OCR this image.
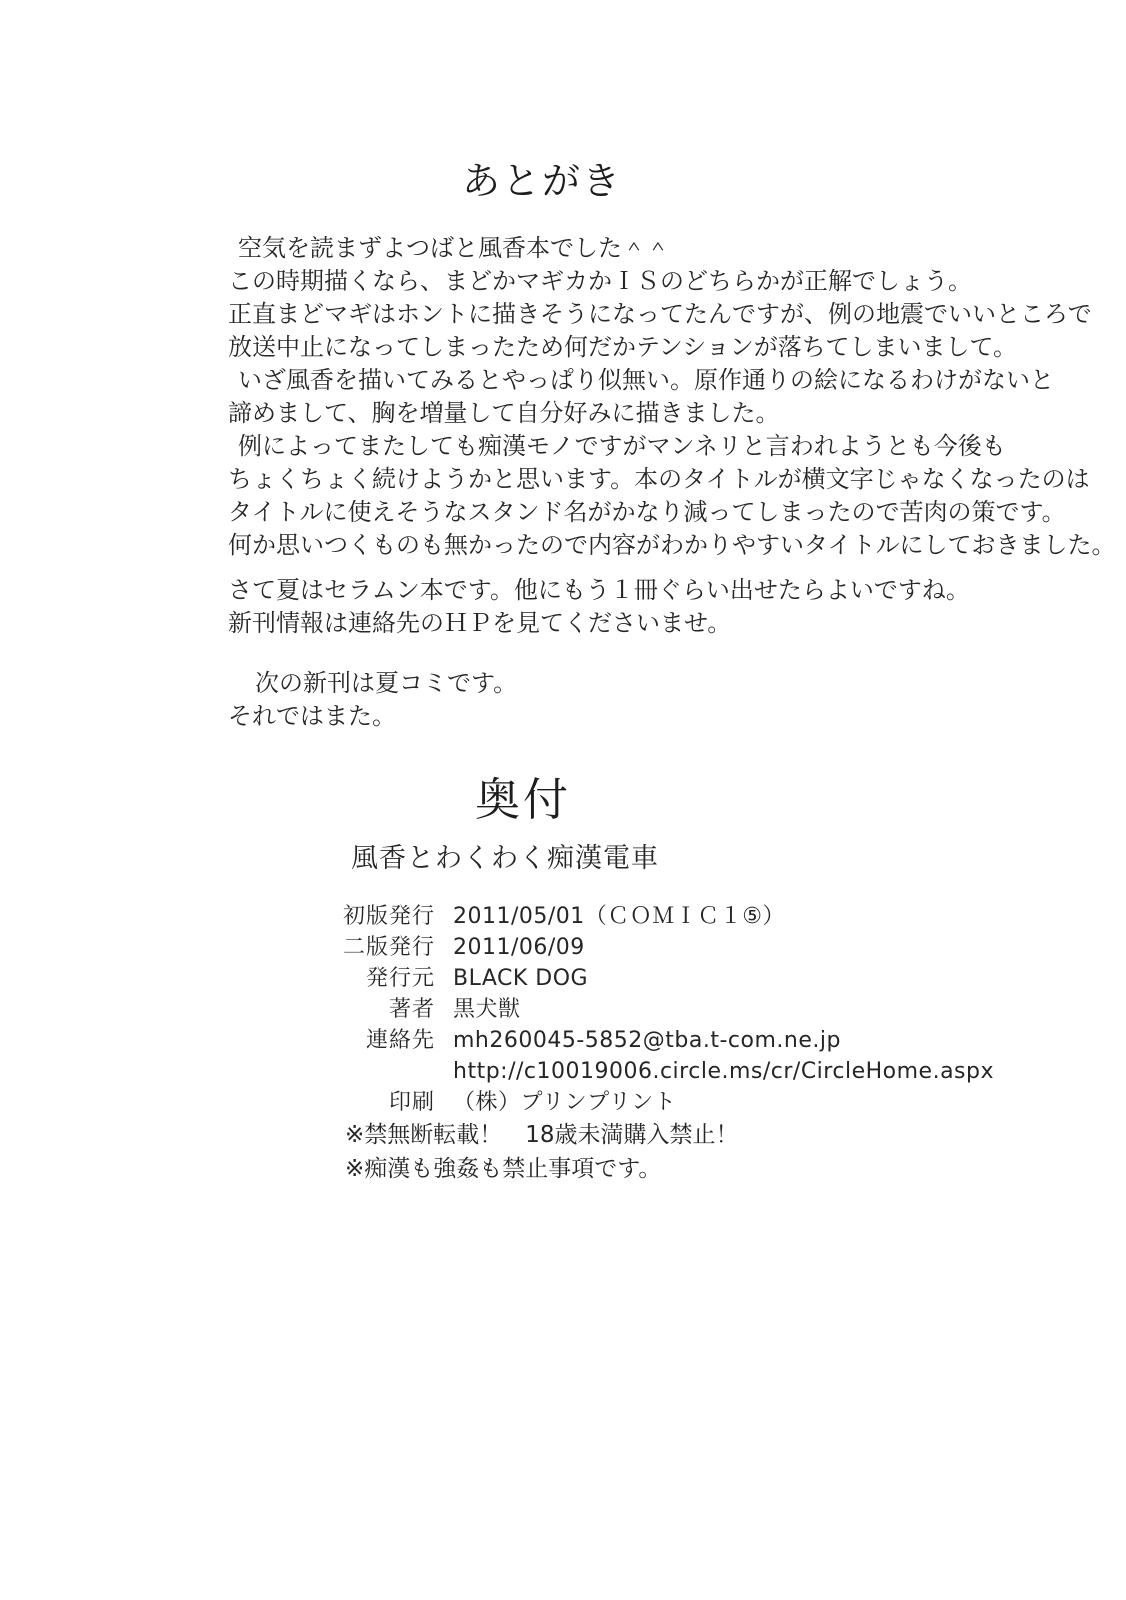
あとがき
空気を読まずよつばと風香本でした＾＾
この時期描くなら、まどかマギカかＩＳのどちらかが正解でしょう。
正直まどマギはホントに描きそうになってたんですが、例の地震でいいところで
放送中止になってしまったため何だかテンションが落ちてしまいまして。
いざ風香を描いてみるとやっぱり似無い。原作通りの絵になるわけがないと
諦めまして、胸を増量して自分好みに描きました。
例によってまたしても痴漢モノですがマンネリと言われようとも今後も
ちょくちょく続けようかと思います。本のタイトルが横文字じゃなくなったのは
タイトルに使えそうなスタンド名がかなり減ってしまったので苦肉の策です。
何か思いつくものも無かったので内容がわかりやすいタイトルにしておきました。
さて夏はセラムン本です。他にもう１冊ぐらい出せたらよいですね。
新刊情報は連絡先のＨＰを見てくださいませ。
次の新刊は夏コミです。
それではまた。
奥付
風香とわくわく痴漢電車
初版発行 2011/05/01（ＣＯＭＩＣ１⑤）
二版発行 2011/06/09
発行元 BLACK DOG
著者 黒犬獣
連絡先 mh260045-5852@tba.t-com.ne.jp
http://c10019006.circle.ms/cr/CircleHome.aspx
印刷 （株）プリンプリント
※禁無断転載！　18歳未満購入禁止！
※痴漢も強姦も禁止事項です。
